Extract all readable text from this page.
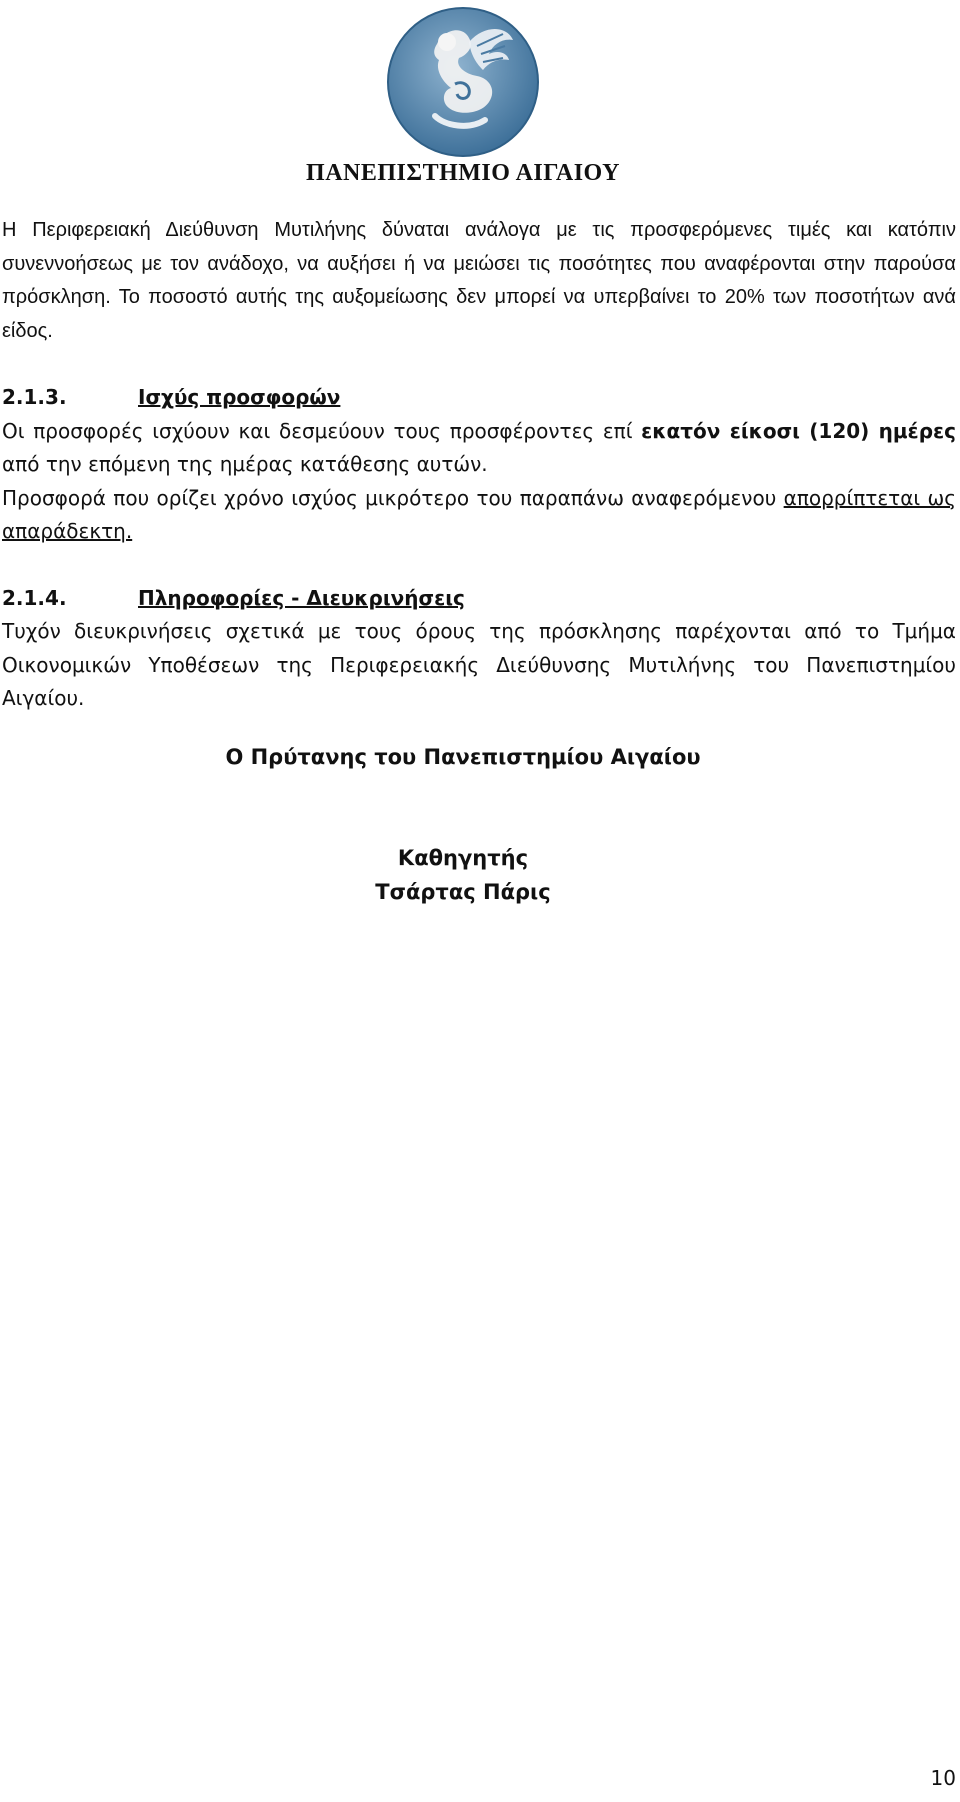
ΠΑΝΕΠΙΣΤΗΜΙΟ ΑΙΓΑΙΟΥ

Η Περιφερειακή Διεύθυνση Μυτιλήνης δύναται ανάλογα με τις προσφερόμενες τιμές και κατόπιν συνεννοήσεως με τον ανάδοχο, να αυξήσει ή να μειώσει τις ποσότητες που αναφέρονται στην παρούσα πρόσκληση. Το ποσοστό αυτής της αυξομείωσης δεν μπορεί να υπερβαίνει το 20% των ποσοτήτων ανά είδος.

2.1.3.	Ισχύς προσφορών

Οι προσφορές ισχύουν και δεσμεύουν τους προσφέροντες επί εκατόν είκοσι (120) ημέρες από την επόμενη της ημέρας κατάθεσης αυτών.

Προσφορά που ορίζει χρόνο ισχύος μικρότερο του παραπάνω αναφερόμενου απορρίπτεται ως απαράδεκτη.

2.1.4.	Πληροφορίες - Διευκρινήσεις

Τυχόν διευκρινήσεις σχετικά με τους όρους της πρόσκλησης παρέχονται από το Τμήμα Οικονομικών Υποθέσεων της Περιφερειακής Διεύθυνσης Μυτιλήνης του Πανεπιστημίου Αιγαίου.

Ο Πρύτανης του Πανεπιστημίου Αιγαίου
Καθηγητής
Τσάρτας Πάρις
10
